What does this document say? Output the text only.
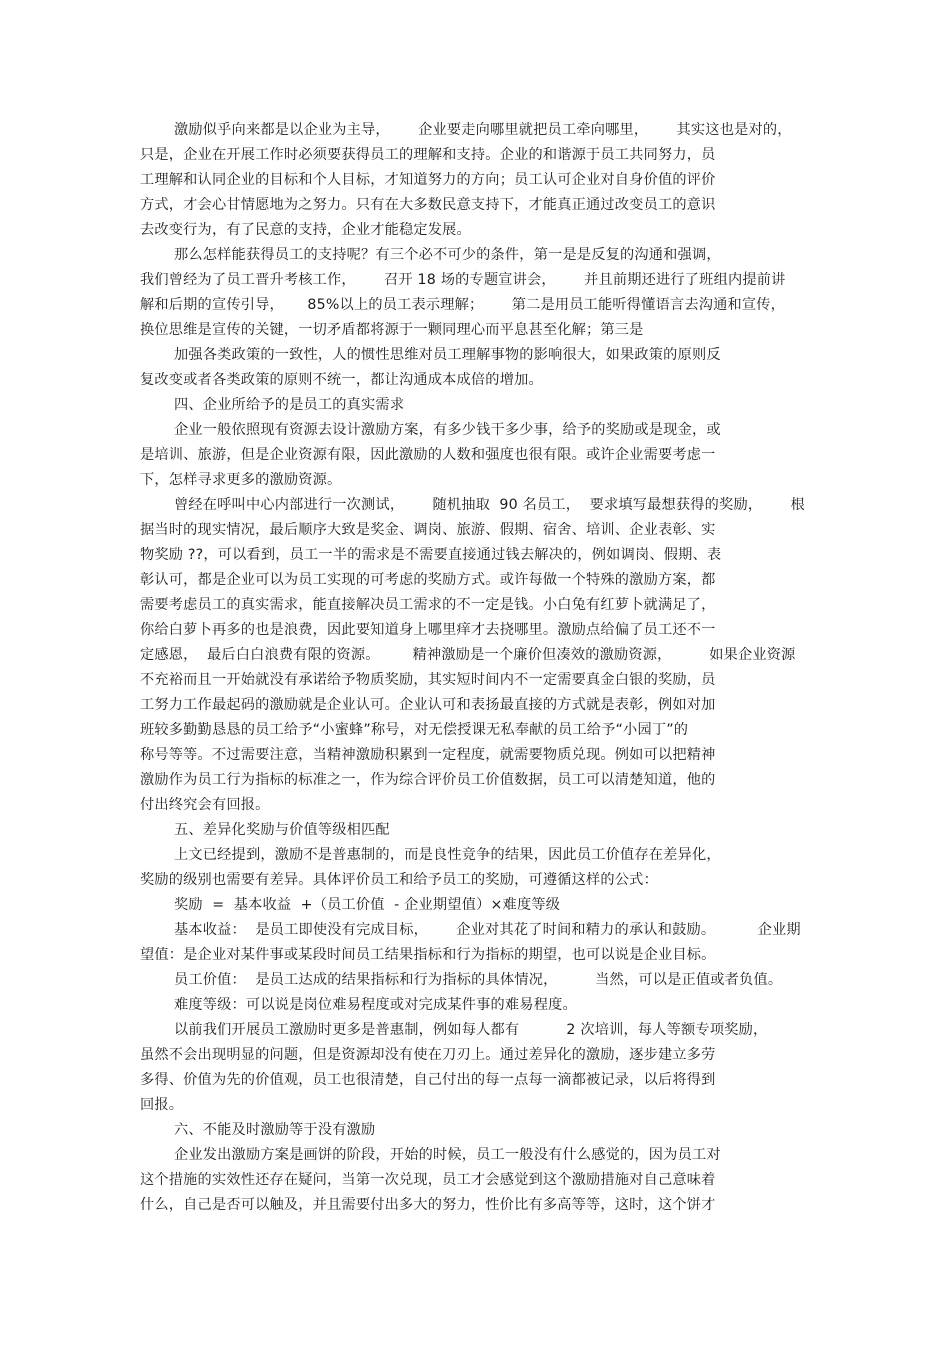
激励似乎向来都是以企业为主导，      企业要走向哪里就把员工牵向哪里，      其实这也是对的，
只是，企业在开展工作时必须要获得员工的理解和支持。企业的和谐源于员工共同努力，员
工理解和认同企业的目标和个人目标，才知道努力的方向；员工认可企业对自身价值的评价
方式，才会心甘情愿地为之努力。只有在大多数民意支持下，才能真正通过改变员工的意识
去改变行为，有了民意的支持，企业才能稳定发展。
那么怎样能获得员工的支持呢？有三个必不可少的条件，第一是是反复的沟通和强调，
我们曾经为了员工晋升考核工作，      召开 18 场的专题宣讲会，      并且前期还进行了班组内提前讲
解和后期的宣传引导，     85%以上的员工表示理解；      第二是用员工能听得懂语言去沟通和宣传，
换位思维是宣传的关键，一切矛盾都将源于一颗同理心而平息甚至化解；第三是
加强各类政策的一致性，人的惯性思维对员工理解事物的影响很大，如果政策的原则反
复改变或者各类政策的原则不统一，都让沟通成本成倍的增加。
四、企业所给予的是员工的真实需求
企业一般依照现有资源去设计激励方案，有多少钱干多少事，给予的奖励或是现金，或
是培训、旅游，但是企业资源有限，因此激励的人数和强度也很有限。或许企业需要考虑一
下，怎样寻求更多的激励资源。
曾经在呼叫中心内部进行一次测试，      随机抽取  90 名员工，  要求填写最想获得的奖励，      根
据当时的现实情况，最后顺序大致是奖金、调岗、旅游、假期、宿舍、培训、企业表彰、实
物奖励 ??，可以看到，员工一半的需求是不需要直接通过钱去解决的，例如调岗、假期、表
彰认可，都是企业可以为员工实现的可考虑的奖励方式。或许每做一个特殊的激励方案，都
需要考虑员工的真实需求，能直接解决员工需求的不一定是钱。小白兔有红萝卜就满足了，
你给白萝卜再多的也是浪费，因此要知道身上哪里痒才去挠哪里。激励点给偏了员工还不一
定感恩，  最后白白浪费有限的资源。       精神激励是一个廉价但凑效的激励资源，        如果企业资源
不充裕而且一开始就没有承诺给予物质奖励，其实短时间内不一定需要真金白银的奖励，员
工努力工作最起码的激励就是企业认可。企业认可和表扬最直接的方式就是表彰，例如对加
班较多勤勤恳恳的员工给予“小蜜蜂”称号，对无偿授课无私奉献的员工给予“小园丁”的
称号等等。不过需要注意，当精神激励积累到一定程度，就需要物质兑现。例如可以把精神
激励作为员工行为指标的标准之一，作为综合评价员工价值数据，员工可以清楚知道，他的
付出终究会有回报。
五、差异化奖励与价值等级相匹配
上文已经提到，激励不是普惠制的，而是良性竞争的结果，因此员工价值存在差异化，
奖励的级别也需要有差异。具体评价员工和给予员工的奖励，可遵循这样的公式：
奖励  =  基本收益  +（员工价值  - 企业期望值）×难度等级
基本收益：  是员工即使没有完成目标，      企业对其花了时间和精力的承认和鼓励。         企业期
望值：是企业对某件事或某段时间员工结果指标和行为指标的期望，也可以说是企业目标。
员工价值：  是员工达成的结果指标和行为指标的具体情况，        当然，可以是正值或者负值。
难度等级：可以说是岗位难易程度或对完成某件事的难易程度。
以前我们开展员工激励时更多是普惠制，例如每人都有          2 次培训，每人等额专项奖励，
虽然不会出现明显的问题，但是资源却没有使在刀刃上。通过差异化的激励，逐步建立多劳
多得、价值为先的价值观，员工也很清楚，自己付出的每一点每一滴都被记录，以后将得到
回报。
六、不能及时激励等于没有激励
企业发出激励方案是画饼的阶段，开始的时候，员工一般没有什么感觉的，因为员工对
这个措施的实效性还存在疑问，当第一次兑现，员工才会感觉到这个激励措施对自己意味着
什么，自己是否可以触及，并且需要付出多大的努力，性价比有多高等等，这时，这个饼才
